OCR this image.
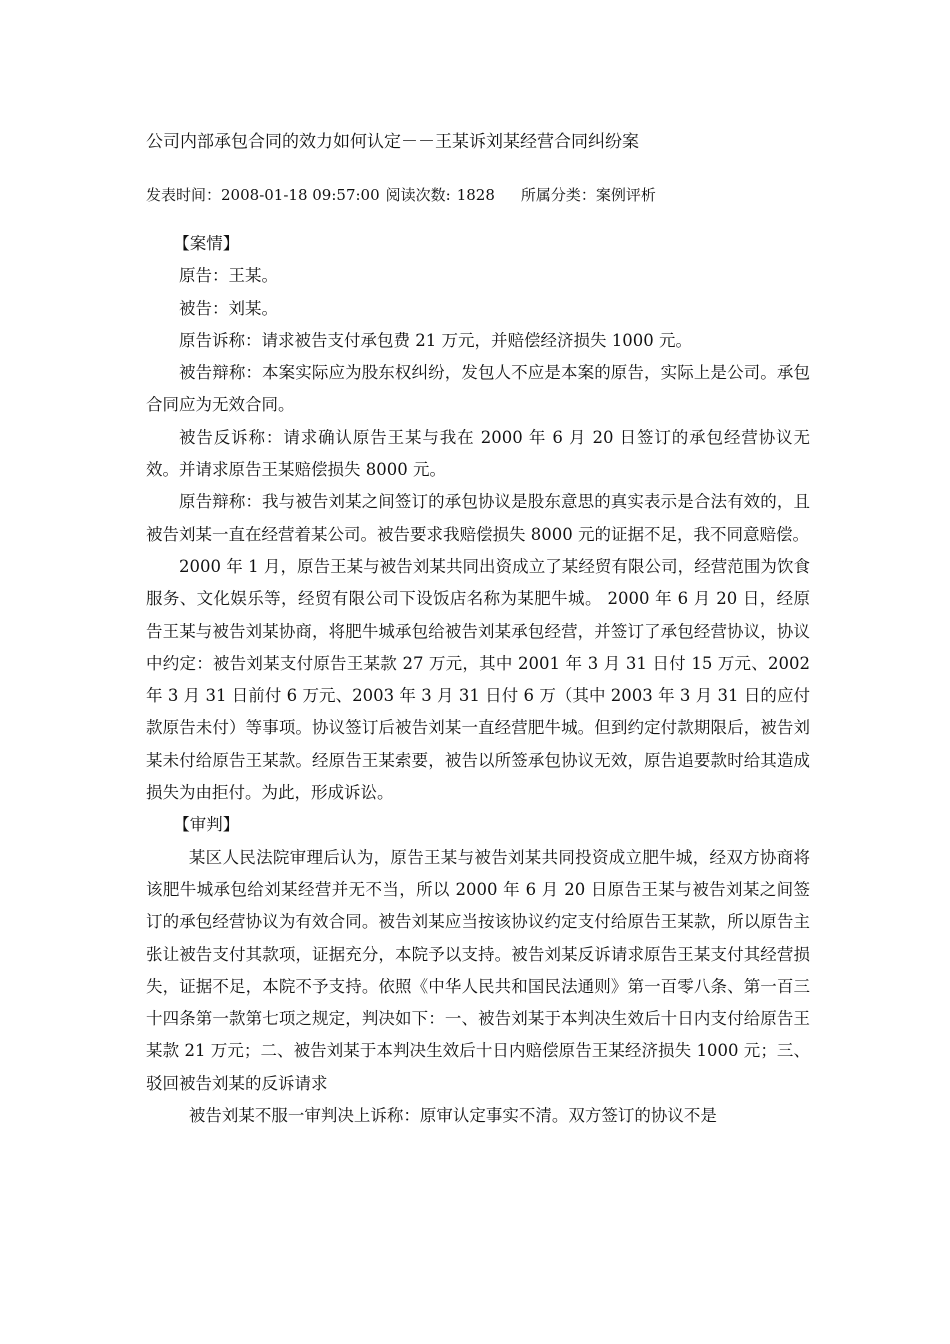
公司内部承包合同的效力如何认定－－王某诉刘某经营合同纠纷案
发表时间：2008-01-18 09:57:00 阅读次数: 1828 所属分类：案例评析

【案情】

原告：王某。

被告：刘某。

原告诉称：请求被告支付承包费 21 万元，并赔偿经济损失 1000 元。

被告辩称：本案实际应为股东权纠纷，发包人不应是本案的原告，实际上是公司。承包合同应为无效合同。

被告反诉称：请求确认原告王某与我在 2000 年 6 月 20 日签订的承包经营协议无效。并请求原告王某赔偿损失 8000 元。

原告辩称：我与被告刘某之间签订的承包协议是股东意思的真实表示是合法有效的，且被告刘某一直在经营着某公司。被告要求我赔偿损失 8000 元的证据不足，我不同意赔偿。

2000 年 1 月，原告王某与被告刘某共同出资成立了某经贸有限公司，经营范围为饮食服务、文化娱乐等，经贸有限公司下设饭店名称为某肥牛城。 2000 年 6 月 20 日，经原告王某与被告刘某协商，将肥牛城承包给被告刘某承包经营，并签订了承包经营协议，协议中约定：被告刘某支付原告王某款 27 万元，其中 2001 年 3 月 31 日付 15 万元、2002 年 3 月 31 日前付 6 万元、2003 年 3 月 31 日付 6 万（其中 2003 年 3 月 31 日的应付款原告未付）等事项。协议签订后被告刘某一直经营肥牛城。但到约定付款期限后，被告刘某未付给原告王某款。经原告王某索要，被告以所签承包协议无效，原告追要款时给其造成损失为由拒付。为此，形成诉讼。

【审判】

某区人民法院审理后认为，原告王某与被告刘某共同投资成立肥牛城，经双方协商将该肥牛城承包给刘某经营并无不当，所以 2000 年 6 月 20 日原告王某与被告刘某之间签订的承包经营协议为有效合同。被告刘某应当按该协议约定支付给原告王某款，所以原告主张让被告支付其款项，证据充分，本院予以支持。被告刘某反诉请求原告王某支付其经营损失，证据不足，本院不予支持。依照《中华人民共和国民法通则》第一百零八条、第一百三十四条第一款第七项之规定，判决如下：一、被告刘某于本判决生效后十日内支付给原告王某款 21 万元；二、被告刘某于本判决生效后十日内赔偿原告王某经济损失 1000 元；三、驳回被告刘某的反诉请求

被告刘某不服一审判决上诉称：原审认定事实不清。双方签订的协议不是
